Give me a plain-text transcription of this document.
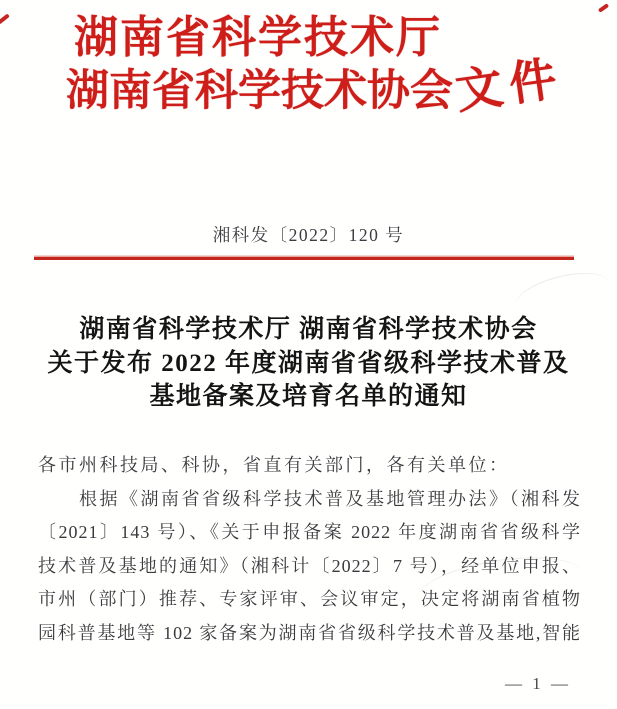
湖南省科学技术厅
湖南省科学技术协会 文件
湘科发〔2022〕120 号
湖南省科学技术厅 湖南省科学技术协会
关于发布 2022 年度湖南省省级科学技术普及
基地备案及培育名单的通知
各市州科技局、科协，省直有关部门，各有关单位：
根据《湖南省省级科学技术普及基地管理办法》（湘科发
〔2021〕143 号）、《关于申报备案 2022 年度湖南省省级科学
技术普及基地的通知》（湘科计〔2022〕7 号），经单位申报、
市州（部门）推荐、专家评审、会议审定，决定将湖南省植物
园科普基地等 102 家备案为湖南省省级科学技术普及基地,智能
— 1 —
